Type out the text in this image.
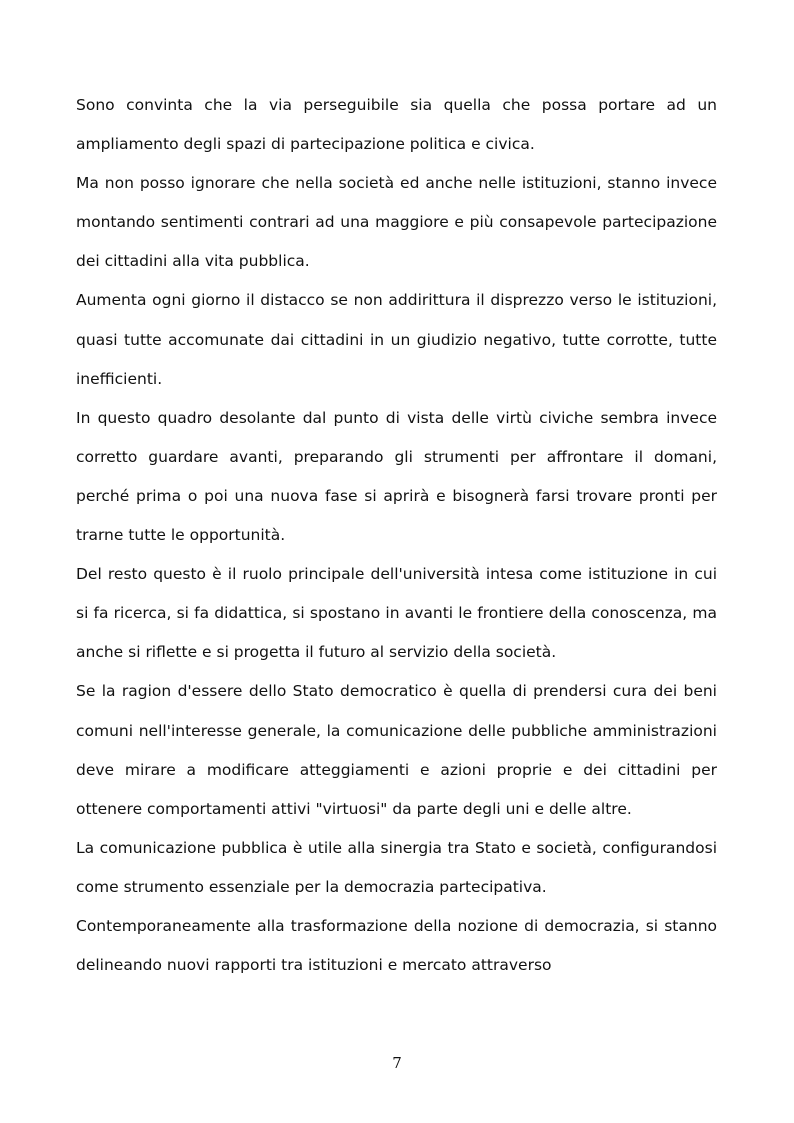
Sono convinta che la via perseguibile sia quella che possa portare ad un ampliamento degli spazi di partecipazione politica e civica.

Ma non posso ignorare che nella società ed anche nelle istituzioni, stanno invece montando sentimenti contrari ad una maggiore e più consapevole partecipazione dei cittadini alla vita pubblica.

Aumenta ogni giorno il distacco se non addirittura il disprezzo verso le istituzioni, quasi tutte accomunate dai cittadini in un giudizio negativo, tutte corrotte, tutte inefficienti.

In questo quadro desolante dal punto di vista delle virtù civiche sembra invece corretto guardare avanti, preparando gli strumenti per affrontare il domani, perché prima o poi una nuova fase si aprirà e bisognerà farsi trovare pronti per trarne tutte le opportunità.

Del resto questo è il ruolo principale dell'università intesa come istituzione in cui si fa ricerca, si fa didattica, si spostano in avanti le frontiere della conoscenza, ma anche si riflette e si progetta il futuro al servizio della società.

Se la ragion d'essere dello Stato democratico è quella di prendersi cura dei beni comuni nell'interesse generale, la comunicazione delle pubbliche amministrazioni deve mirare a modificare atteggiamenti e azioni proprie e dei cittadini per ottenere comportamenti attivi "virtuosi" da parte degli uni e delle altre.

La comunicazione pubblica è utile alla sinergia tra Stato e società, configurandosi come strumento essenziale per la democrazia partecipativa.

Contemporaneamente alla trasformazione della nozione di democrazia, si stanno delineando nuovi rapporti tra istituzioni e mercato attraverso

7
